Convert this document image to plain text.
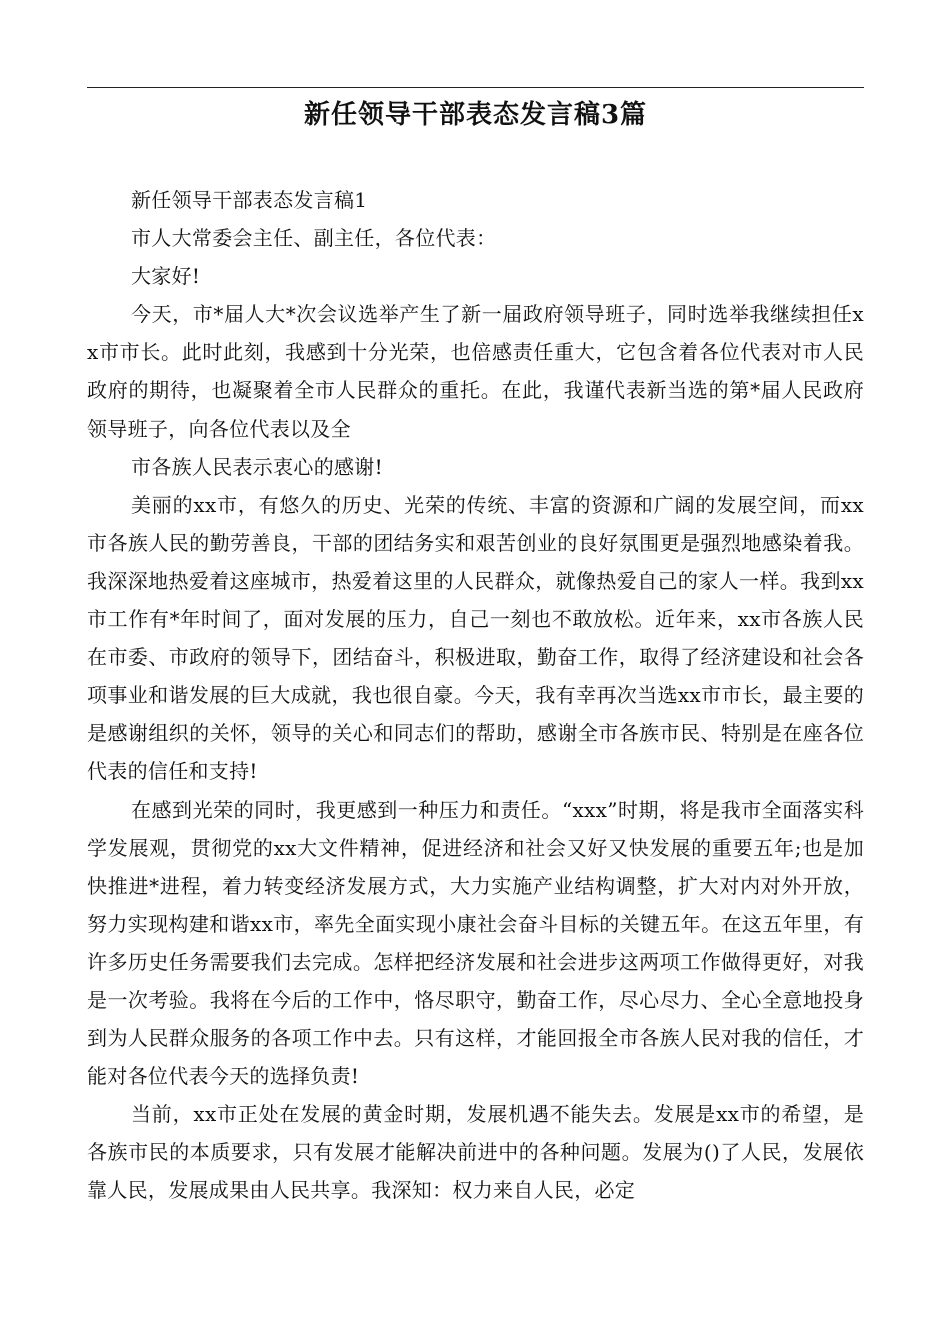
新任领导干部表态发言稿3篇

新任领导干部表态发言稿1

市人大常委会主任、副主任，各位代表：

大家好!

今天，市*届人大*次会议选举产生了新一届政府领导班子，同时选举我继续担任xx市市长。此时此刻，我感到十分光荣，也倍感责任重大，它包含着各位代表对市人民政府的期待，也凝聚着全市人民群众的重托。在此，我谨代表新当选的第*届人民政府领导班子，向各位代表以及全

市各族人民表示衷心的感谢!

美丽的xx市，有悠久的历史、光荣的传统、丰富的资源和广阔的发展空间，而xx市各族人民的勤劳善良，干部的团结务实和艰苦创业的良好氛围更是强烈地感染着我。我深深地热爱着这座城市，热爱着这里的人民群众，就像热爱自己的家人一样。我到xx市工作有*年时间了，面对发展的压力，自己一刻也不敢放松。近年来，xx市各族人民在市委、市政府的领导下，团结奋斗，积极进取，勤奋工作，取得了经济建设和社会各项事业和谐发展的巨大成就，我也很自豪。今天，我有幸再次当选xx市市长，最主要的是感谢组织的关怀，领导的关心和同志们的帮助，感谢全市各族市民、特别是在座各位代表的信任和支持!

在感到光荣的同时，我更感到一种压力和责任。“xxx”时期，将是我市全面落实科学发展观，贯彻党的xx大文件精神，促进经济和社会又好又快发展的重要五年;也是加快推进*进程，着力转变经济发展方式，大力实施产业结构调整，扩大对内对外开放，努力实现构建和谐xx市，率先全面实现小康社会奋斗目标的关键五年。在这五年里，有许多历史任务需要我们去完成。怎样把经济发展和社会进步这两项工作做得更好，对我是一次考验。我将在今后的工作中，恪尽职守，勤奋工作，尽心尽力、全心全意地投身到为人民群众服务的各项工作中去。只有这样，才能回报全市各族人民对我的信任，才能对各位代表今天的选择负责!

当前，xx市正处在发展的黄金时期，发展机遇不能失去。发展是xx市的希望，是各族市民的本质要求，只有发展才能解决前进中的各种问题。发展为()了人民，发展依靠人民，发展成果由人民共享。我深知：权力来自人民，必定
